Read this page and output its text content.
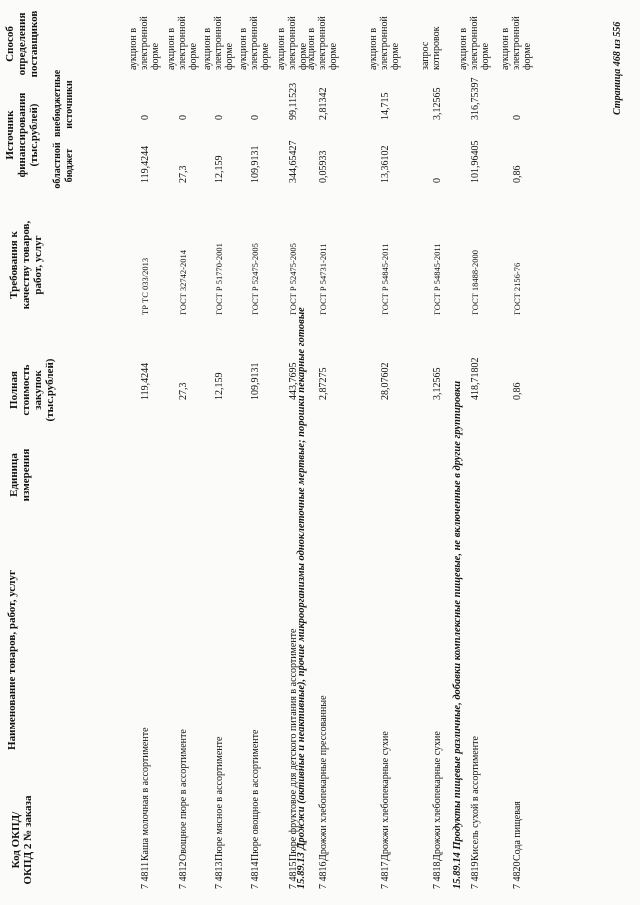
Код ОКПД/ ОКПД 2 № заказа
Наименование товаров, работ, услуг
Единица измерения
Полная стоимость закупок (тыс.рублей)
Требования к качеству товаров, работ, услуг
Источник финансирования (тыс.рублей) областной бюджет
внебюджетные источники
Способ определения поставщиков
7 4811
Каша молочная в ассортименте
119,4244
ТР ТС 033/2013
119,4244
0
аукцион в электронной форме
7 4812
Овощное пюре в ассортименте
27,3
ГОСТ 32742-2014
27,3
0
аукцион в электронной форме
7 4813
Пюре мясное в ассортименте
12,159
ГОСТ Р 51770-2001
12,159
0
аукцион в электронной форме
7 4814
Пюре овощное в ассортименте
109,9131
ГОСТ Р 52475-2005
109,9131
0
аукцион в электронной форме
7 4815
Пюре фруктовое для детского питания в ассортименте
443,7695
ГОСТ Р 52475-2005
344,65427
99,11523
аукцион в электронной форме
15.89.13 Дрожжи (активные и неактивные), прочие микроорганизмы одноклеточные мертвые; порошки пекарные готовые 7 4816
Дрожжи хлебопекарные прессованные
2,87275
ГОСТ Р 54731-2011
0,05933
2,81342
аукцион в электронной форме
7 4817
Дрожжи хлебопекарные сухие
28,07602
ГОСТ Р 54845-2011
13,36102
14,715
аукцион в электронной форме
7 4818
Дрожжи хлебопекарные сухие
3,12565
ГОСТ Р 54845-2011
0
3,12565
запрос котировок
15.89.14 Продукты пищевые различные, добавки комплексные пищевые, не включенные в другие группировки 7 4819
Кисель сухой в ассортименте
418,71802
ГОСТ 18488-2000
101,96405
316,75397
аукцион в электронной форме
7 4820
Сода пищевая
0,86
ГОСТ 2156-76
0,86
0
аукцион в электронной форме	Страница 468 из 556
